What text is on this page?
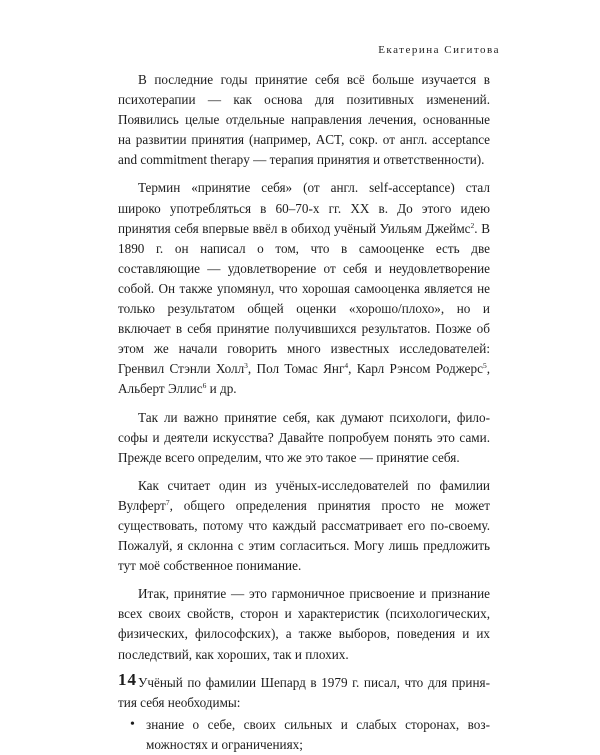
Екатерина Сигитова

В последние годы принятие себя всё больше изучается в психотерапии — как основа для позитивных изменений. Появились целые отдельные направления лечения, основанные на развитии принятия (например, ACT, сокр. от англ. acceptance and commitment therapy — терапия принятия и ответственности).

Термин «принятие себя» (от англ. self-acceptance) стал широко употребляться в 60–70-х гг. XX в. До этого идею принятия себя впервые ввёл в обиход учёный Уильям Джеймс$^2$. В 1890 г. он написал о том, что в самооценке есть две составляющие — удовлетворение от себя и неудовлетворение собой. Он также упомянул, что хорошая самооценка является не только результатом общей оценки «хорошо/плохо», но и включает в себя принятие получившихся результатов. Позже об этом же начали говорить много известных исследователей: Гренвил Стэнли Холл$^3$, Пол Томас Янг$^4$, Карл Рэнсом Роджерс$^5$, Альберт Эллис$^6$ и др.

Так ли важно принятие себя, как думают психологи, философы и деятели искусства? Давайте попробуем понять это сами. Прежде всего определим, что же это такое — принятие себя.

Как считает один из учёных-исследователей по фамилии Вулферт$^7$, общего определения принятия просто не может существовать, потому что каждый рассматривает его по-своему. Пожалуй, я склонна с этим согласиться. Могу лишь предложить тут моё собственное понимание.

Итак, принятие — это гармоничное присвоение и признание всех своих свойств, сторон и характеристик (психологических, физических, философских), а также выборов, поведения и их последствий, как хороших, так и плохих.

Учёный по фамилии Шепард в 1979 г. писал, что для принятия себя необходимы:

• знание о себе, своих сильных и слабых сторонах, возможностях и ограничениях;
14
